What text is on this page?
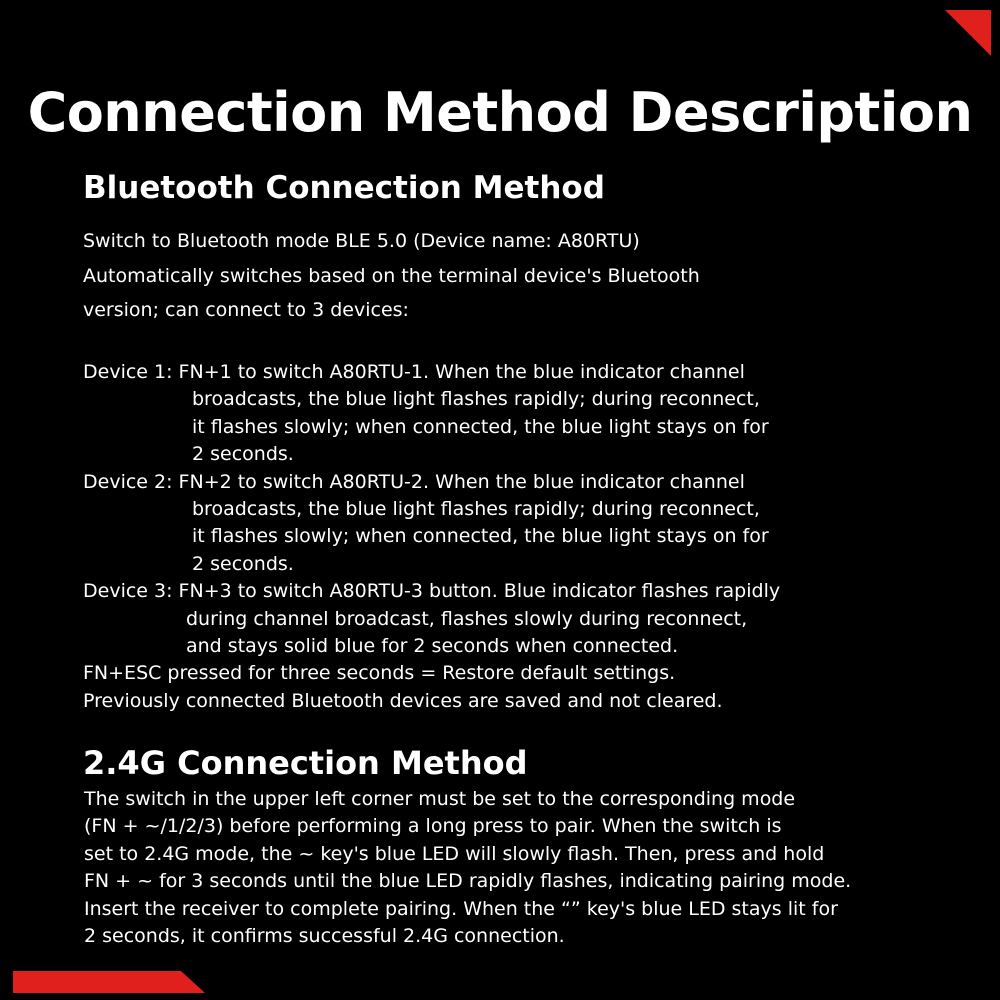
Connection Method Description
Bluetooth Connection Method
Switch to Bluetooth mode BLE 5.0 (Device name: A80RTU)
Automatically switches based on the terminal device's Bluetooth
version; can connect to 3 devices:
Device 1: FN+1 to switch A80RTU-1. When the blue indicator channel
broadcasts, the blue light flashes rapidly; during reconnect,
it flashes slowly; when connected, the blue light stays on for
2 seconds.
Device 2: FN+2 to switch A80RTU-2. When the blue indicator channel
broadcasts, the blue light flashes rapidly; during reconnect,
it flashes slowly; when connected, the blue light stays on for
2 seconds.
Device 3: FN+3 to switch A80RTU-3 button. Blue indicator flashes rapidly
during channel broadcast, flashes slowly during reconnect,
and stays solid blue for 2 seconds when connected.
FN+ESC pressed for three seconds = Restore default settings.
Previously connected Bluetooth devices are saved and not cleared.
2.4G Connection Method
The switch in the upper left corner must be set to the corresponding mode
(FN + ~/1/2/3) before performing a long press to pair. When the switch is
set to 2.4G mode, the ~ key's blue LED will slowly flash. Then, press and hold
FN + ~ for 3 seconds until the blue LED rapidly flashes, indicating pairing mode.
Insert the receiver to complete pairing. When the “” key's blue LED stays lit for
2 seconds, it confirms successful 2.4G connection.
